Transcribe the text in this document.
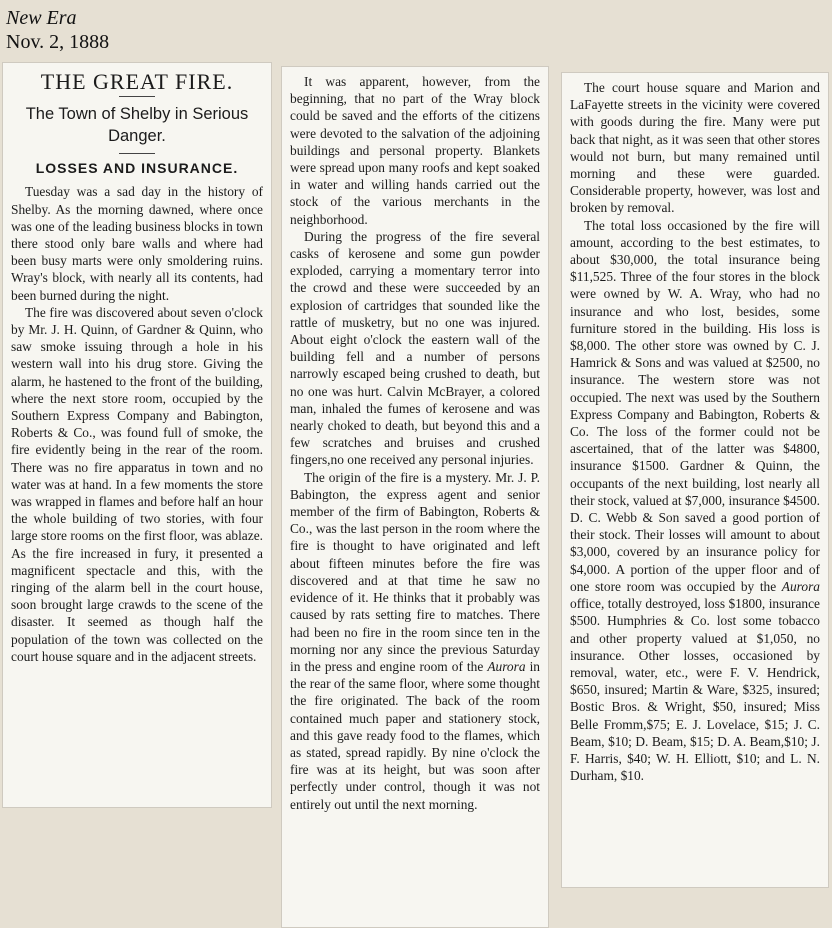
New Era
Nov. 2, 1888
THE GREAT FIRE.
The Town of Shelby in Serious Danger.
LOSSES AND INSURANCE.

Tuesday was a sad day in the history of Shelby. As the morning dawned, where once was one of the leading business blocks in town there stood only bare walls and where had been busy marts were only smoldering ruins. Wray's block, with nearly all its contents, had been burned during the night.

The fire was discovered about seven o'clock by Mr. J. H. Quinn, of Gardner & Quinn, who saw smoke issuing through a hole in his western wall into his drug store. Giving the alarm, he hastened to the front of the building, where the next store room, occupied by the Southern Express Company and Babington, Roberts & Co., was found full of smoke, the fire evidently being in the rear of the room. There was no fire apparatus in town and no water was at hand. In a few moments the store was wrapped in flames and before half an hour the whole building of two stories, with four large store rooms on the first floor, was ablaze. As the fire increased in fury, it presented a magnificent spectacle and this, with the ringing of the alarm bell in the court house, soon brought large crawds to the scene of the disaster. It seemed as though half the population of the town was collected on the court house square and in the adjacent streets.

It was apparent, however, from the beginning, that no part of the Wray block could be saved and the efforts of the citizens were devoted to the salvation of the adjoining buildings and personal property. Blankets were spread upon many roofs and kept soaked in water and willing hands carried out the stock of the various merchants in the neighborhood.

During the progress of the fire several casks of kerosene and some gun powder exploded, carrying a momentary terror into the crowd and these were succeeded by an explosion of cartridges that sounded like the rattle of musketry, but no one was injured. About eight o'clock the eastern wall of the building fell and a number of persons narrowly escaped being crushed to death, but no one was hurt. Calvin McBrayer, a colored man, inhaled the fumes of kerosene and was nearly choked to death, but beyond this and a few scratches and bruises and crushed fingers,no one received any personal injuries.

The origin of the fire is a mystery. Mr. J. P. Babington, the express agent and senior member of the firm of Babington, Roberts & Co., was the last person in the room where the fire is thought to have originated and left about fifteen minutes before the fire was discovered and at that time he saw no evidence of it. He thinks that it probably was caused by rats setting fire to matches. There had been no fire in the room since ten in the morning nor any since the previous Saturday in the press and engine room of the Aurora in the rear of the same floor, where some thought the fire originated. The back of the room contained much paper and stationery stock, and this gave ready food to the flames, which as stated, spread rapidly. By nine o'clock the fire was at its height, but was soon after perfectly under control, though it was not entirely out until the next morning.

The court house square and Marion and LaFayette streets in the vicinity were covered with goods during the fire. Many were put back that night, as it was seen that other stores would not burn, but many remained until morning and these were guarded. Considerable property, however, was lost and broken by removal.

The total loss occasioned by the fire will amount, according to the best estimates, to about $30,000, the total insurance being $11,525. Three of the four stores in the block were owned by W. A. Wray, who had no insurance and who lost, besides, some furniture stored in the building. His loss is $8,000. The other store was owned by C. J. Hamrick & Sons and was valued at $2500, no insurance. The western store was not occupied. The next was used by the Southern Express Company and Babington, Roberts & Co. The loss of the former could not be ascertained, that of the latter was $4800, insurance $1500. Gardner & Quinn, the occupants of the next building, lost nearly all their stock, valued at $7,000, insurance $4500. D. C. Webb & Son saved a good portion of their stock. Their losses will amount to about $3,000, covered by an insurance policy for $4,000. A portion of the upper floor and of one store room was occupied by the Aurora office, totally destroyed, loss $1800, insurance $500. Humphries & Co. lost some tobacco and other property valued at $1,050, no insurance. Other losses, occasioned by removal, water, etc., were F. V. Hendrick, $650, insured; Martin & Ware, $325, insured; Bostic Bros. & Wright, $50, insured; Miss Belle Fromm,$75; E. J. Lovelace, $15; J. C. Beam, $10; D. Beam, $15; D. A. Beam,$10; J. F. Harris, $40; W. H. Elliott, $10; and L. N. Durham, $10.
